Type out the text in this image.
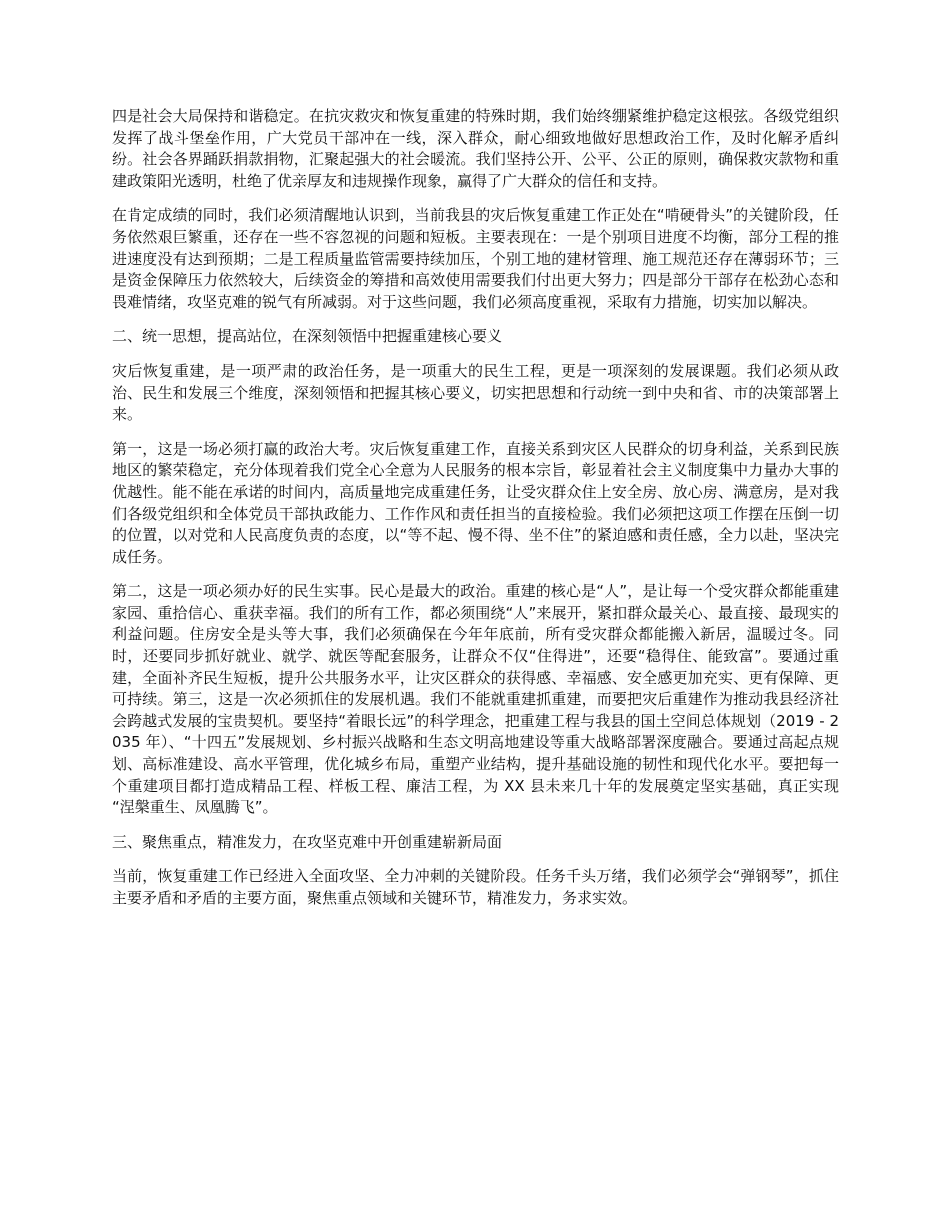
四是社会大局保持和谐稳定。在抗灾救灾和恢复重建的特殊时期，我们始终绷紧维护稳定这根弦。各级党组织发挥了战斗堡垒作用，广大党员干部冲在一线，深入群众，耐心细致地做好思想政治工作，及时化解矛盾纠纷。社会各界踊跃捐款捐物，汇聚起强大的社会暖流。我们坚持公开、公平、公正的原则，确保救灾款物和重建政策阳光透明，杜绝了优亲厚友和违规操作现象，赢得了广大群众的信任和支持。

在肯定成绩的同时，我们必须清醒地认识到，当前我县的灾后恢复重建工作正处在“啃硬骨头”的关键阶段，任务依然艰巨繁重，还存在一些不容忽视的问题和短板。主要表现在：一是个别项目进度不均衡，部分工程的推进速度没有达到预期；二是工程质量监管需要持续加压，个别工地的建材管理、施工规范还存在薄弱环节；三是资金保障压力依然较大，后续资金的筹措和高效使用需要我们付出更大努力；四是部分干部存在松劲心态和畏难情绪，攻坚克难的锐气有所减弱。对于这些问题，我们必须高度重视，采取有力措施，切实加以解决。

二、统一思想，提高站位，在深刻领悟中把握重建核心要义

灾后恢复重建，是一项严肃的政治任务，是一项重大的民生工程，更是一项深刻的发展课题。我们必须从政治、民生和发展三个维度，深刻领悟和把握其核心要义，切实把思想和行动统一到中央和省、市的决策部署上来。

第一，这是一场必须打赢的政治大考。灾后恢复重建工作，直接关系到灾区人民群众的切身利益，关系到民族地区的繁荣稳定，充分体现着我们党全心全意为人民服务的根本宗旨，彰显着社会主义制度集中力量办大事的优越性。能不能在承诺的时间内，高质量地完成重建任务，让受灾群众住上安全房、放心房、满意房，是对我们各级党组织和全体党员干部执政能力、工作作风和责任担当的直接检验。我们必须把这项工作摆在压倒一切的位置，以对党和人民高度负责的态度，以“等不起、慢不得、坐不住”的紧迫感和责任感，全力以赴，坚决完成任务。

第二，这是一项必须办好的民生实事。民心是最大的政治。重建的核心是“人”，是让每一个受灾群众都能重建家园、重拾信心、重获幸福。我们的所有工作，都必须围绕“人”来展开，紧扣群众最关心、最直接、最现实的利益问题。住房安全是头等大事，我们必须确保在今年年底前，所有受灾群众都能搬入新居，温暖过冬。同时，还要同步抓好就业、就学、就医等配套服务，让群众不仅“住得进”，还要“稳得住、能致富”。要通过重建，全面补齐民生短板，提升公共服务水平，让灾区群众的获得感、幸福感、安全感更加充实、更有保障、更可持续。第三，这是一次必须抓住的发展机遇。我们不能就重建抓重建，而要把灾后重建作为推动我县经济社会跨越式发展的宝贵契机。要坚持“着眼长远”的科学理念，把重建工程与我县的国土空间总体规划（2019 - 2035 年）、“十四五”发展规划、乡村振兴战略和生态文明高地建设等重大战略部署深度融合。要通过高起点规划、高标准建设、高水平管理，优化城乡布局，重塑产业结构，提升基础设施的韧性和现代化水平。要把每一个重建项目都打造成精品工程、样板工程、廉洁工程，为 XX 县未来几十年的发展奠定坚实基础，真正实现“涅槃重生、凤凰腾飞”。

三、聚焦重点，精准发力，在攻坚克难中开创重建崭新局面

当前，恢复重建工作已经进入全面攻坚、全力冲刺的关键阶段。任务千头万绪，我们必须学会“弹钢琴”，抓住主要矛盾和矛盾的主要方面，聚焦重点领域和关键环节，精准发力，务求实效。
